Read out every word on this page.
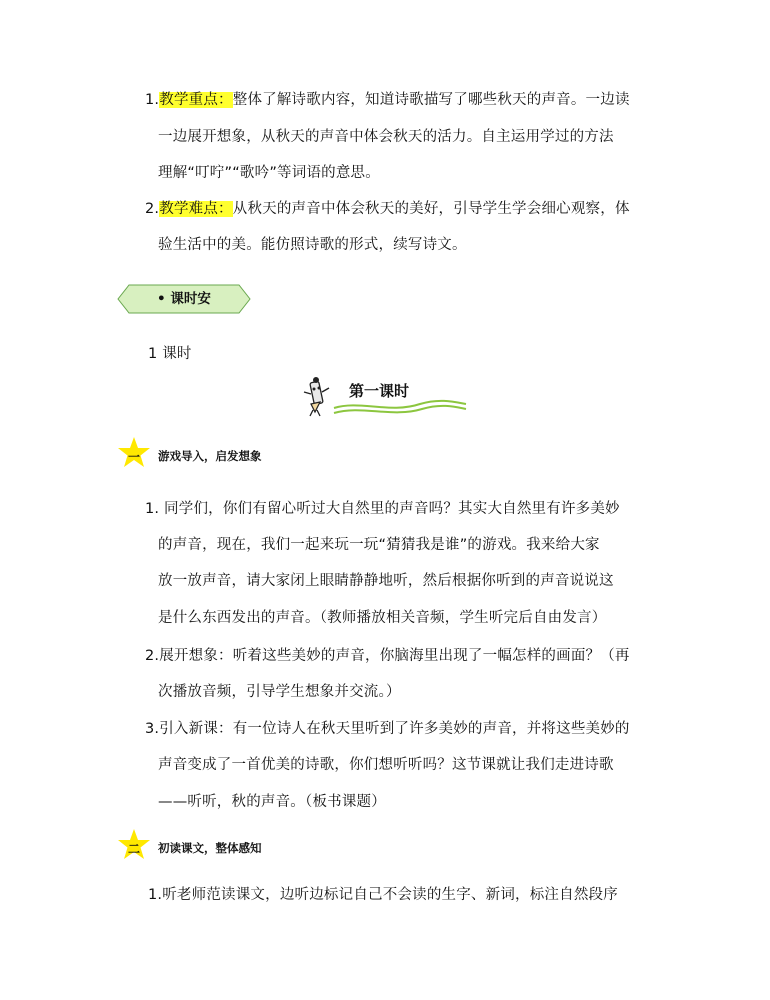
1.教学重点：整体了解诗歌内容，知道诗歌描写了哪些秋天的声音。一边读
一边展开想象，从秋天的声音中体会秋天的活力。自主运用学过的方法
理解“叮咛”“歌吟”等词语的意思。
2.教学难点：从秋天的声音中体会秋天的美好，引导学生学会细心观察，体
验生活中的美。能仿照诗歌的形式，续写诗文。
• 课时安
1 课时
第一课时
一	游戏导入，启发想象
1. 同学们，你们有留心听过大自然里的声音吗？其实大自然里有许多美妙
的声音，现在，我们一起来玩一玩“猜猜我是谁”的游戏。我来给大家
放一放声音，请大家闭上眼睛静静地听，然后根据你听到的声音说说这
是什么东西发出的声音。（教师播放相关音频，学生听完后自由发言）
2.展开想象：听着这些美妙的声音，你脑海里出现了一幅怎样的画面？（再
次播放音频，引导学生想象并交流。）
3.引入新课：有一位诗人在秋天里听到了许多美妙的声音，并将这些美妙的
声音变成了一首优美的诗歌，你们想听听吗？这节课就让我们走进诗歌
——听听，秋的声音。（板书课题）
二	初读课文，整体感知
1.听老师范读课文，边听边标记自己不会读的生字、新词，标注自然段序
